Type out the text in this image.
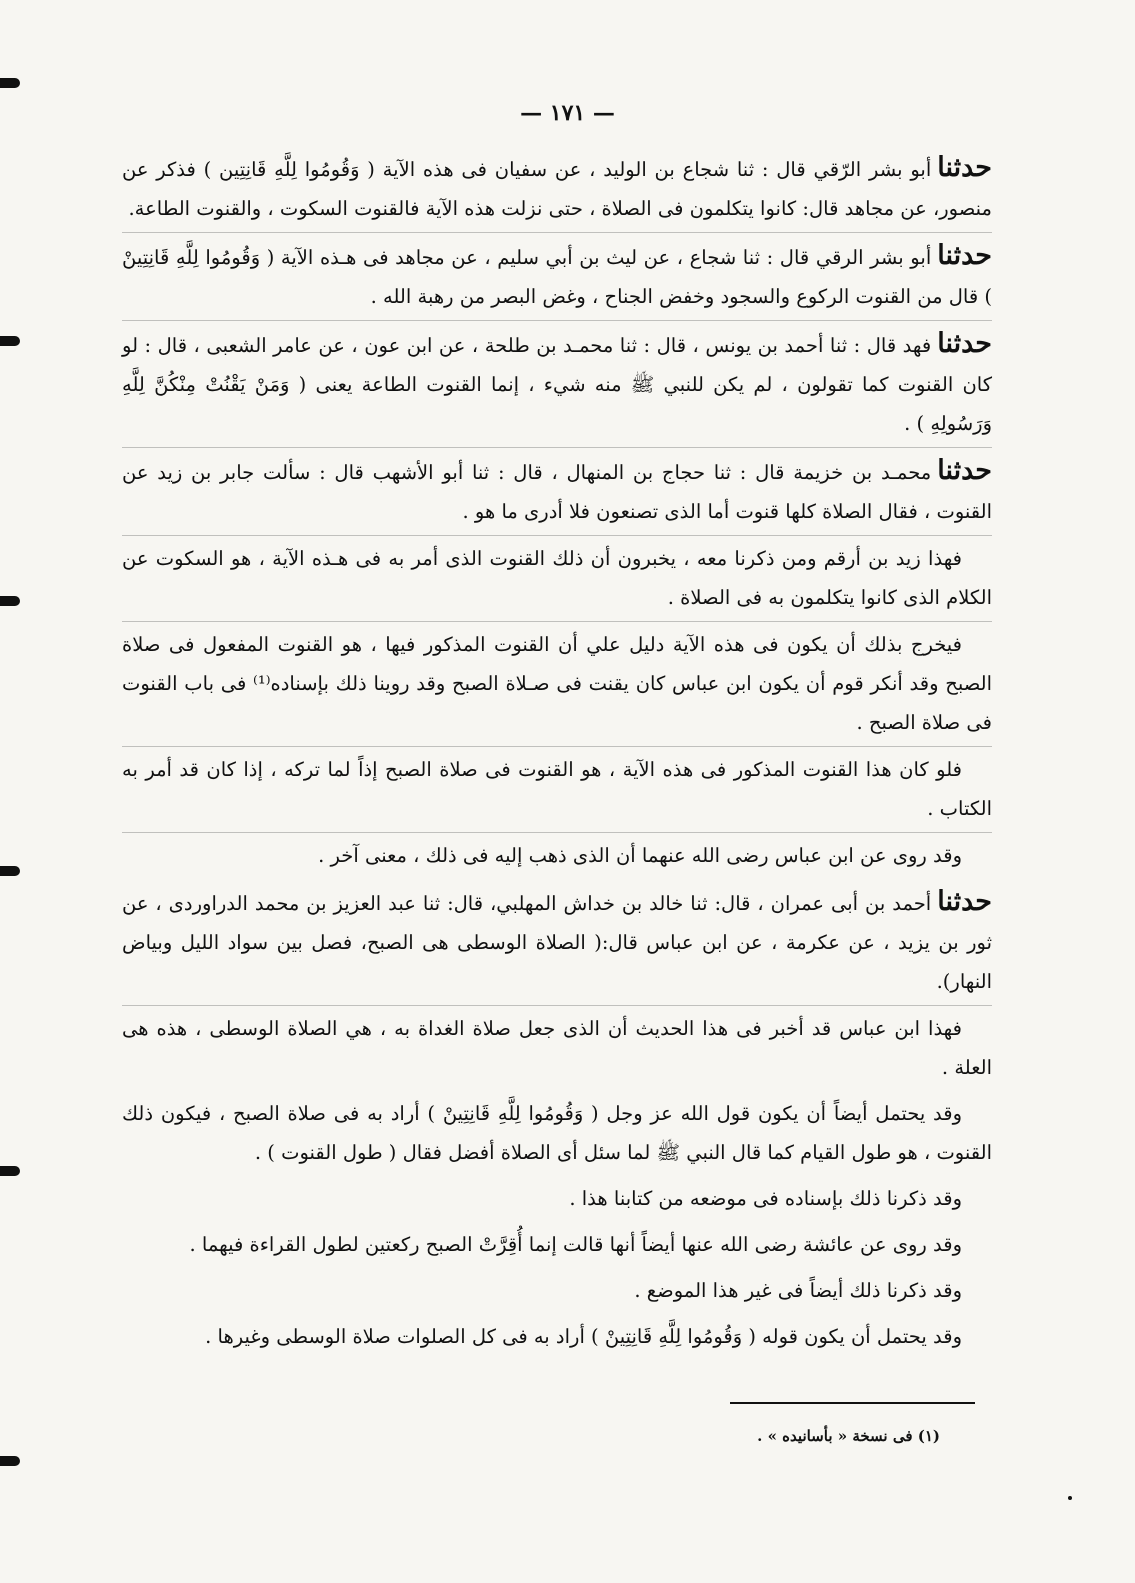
— ١٧١ —

حدثناأبو بشر الرّقي قال : ثنا شجاع بن الوليد ، عن سفيان فى هذه الآية ( وَقُومُوا لِلَّهِ قَانِتِين ) فذكر عن منصور، عن مجاهد قال: كانوا يتكلمون فى الصلاة ، حتى نزلت هذه الآية فالقنوت السكوت ، والقنوت الطاعة.

حدثناأبو بشر الرقي قال : ثنا شجاع ، عن ليث بن أبي سليم ، عن مجاهد فى هـذه الآية ( وَقُومُوا لِلَّهِ قَانِتِينْ ) قال من القنوت الركوع والسجود وخفض الجناح ، وغض البصر من رهبة الله .

حدثنافهد قال : ثنا أحمد بن يونس ، قال : ثنا محمـد بن طلحة ، عن ابن عون ، عن عامر الشعبى ، قال : لو كان القنوت كما تقولون ، لم يكن للنبي ﷺ منه شيء ، إنما القنوت الطاعة يعنى ( وَمَنْ يَقْنُتْ مِنْكُنَّ لِلَّهِ وَرَسُولِهِ ) .

حدثنامحمـد بن خزيمة قال : ثنا حجاج بن المنهال ، قال : ثنا أبو الأشهب قال : سألت جابر بن زيد عن القنوت ، فقال الصلاة كلها قنوت أما الذى تصنعون فلا أدرى ما هو .

فهذا زيد بن أرقم ومن ذكرنا معه ، يخبرون أن ذلك القنوت الذى أمر به فى هـذه الآية ، هو السكوت عن الكلام الذى كانوا يتكلمون به فى الصلاة .

فيخرج بذلك أن يكون فى هذه الآية دليل علي أن القنوت المذكور فيها ، هو القنوت المفعول فى صلاة الصبح وقد أنكر قوم أن يكون ابن عباس كان يقنت فى صـلاة الصبح وقد روينا ذلك بإسناده⁽¹⁾ فى باب القنوت فى صلاة الصبح .

فلو كان هذا القنوت المذكور فى هذه الآية ، هو القنوت فى صلاة الصبح إذاً لما تركه ، إذا كان قد أمر به الكتاب .

وقد روى عن ابن عباس رضى الله عنهما أن الذى ذهب إليه فى ذلك ، معنى آخر .

حدثناأحمد بن أبى عمران ، قال: ثنا خالد بن خداش المهلبي، قال: ثنا عبد العزيز بن محمد الدراوردى ، عن ثور بن يزيد ، عن عكرمة ، عن ابن عباس قال:( الصلاة الوسطى هى الصبح، فصل بين سواد الليل وبياض النهار).

فهذا ابن عباس قد أخبر فى هذا الحديث أن الذى جعل صلاة الغداة به ، هي الصلاة الوسطى ، هذه هى العلة .

وقد يحتمل أيضاً أن يكون قول الله عز وجل ( وَقُومُوا لِلَّهِ قَانِتِينْ ) أراد به فى صلاة الصبح ، فيكون ذلك القنوت ، هو طول القيام كما قال النبي ﷺ لما سئل أى الصلاة أفضل فقال ( طول القنوت ) .

وقد ذكرنا ذلك بإسناده فى موضعه من كتابنا هذا .

وقد روى عن عائشة رضى الله عنها أيضاً أنها قالت إنما أُقِرَّتْ الصبح ركعتين لطول القراءة فيهما .

وقد ذكرنا ذلك أيضاً فى غير هذا الموضع .

وقد يحتمل أن يكون قوله ( وَقُومُوا لِلَّهِ قَانِتِينْ ) أراد به فى كل الصلوات صلاة الوسطى وغيرها .

(١) فى نسخة « بأسانيده » .
